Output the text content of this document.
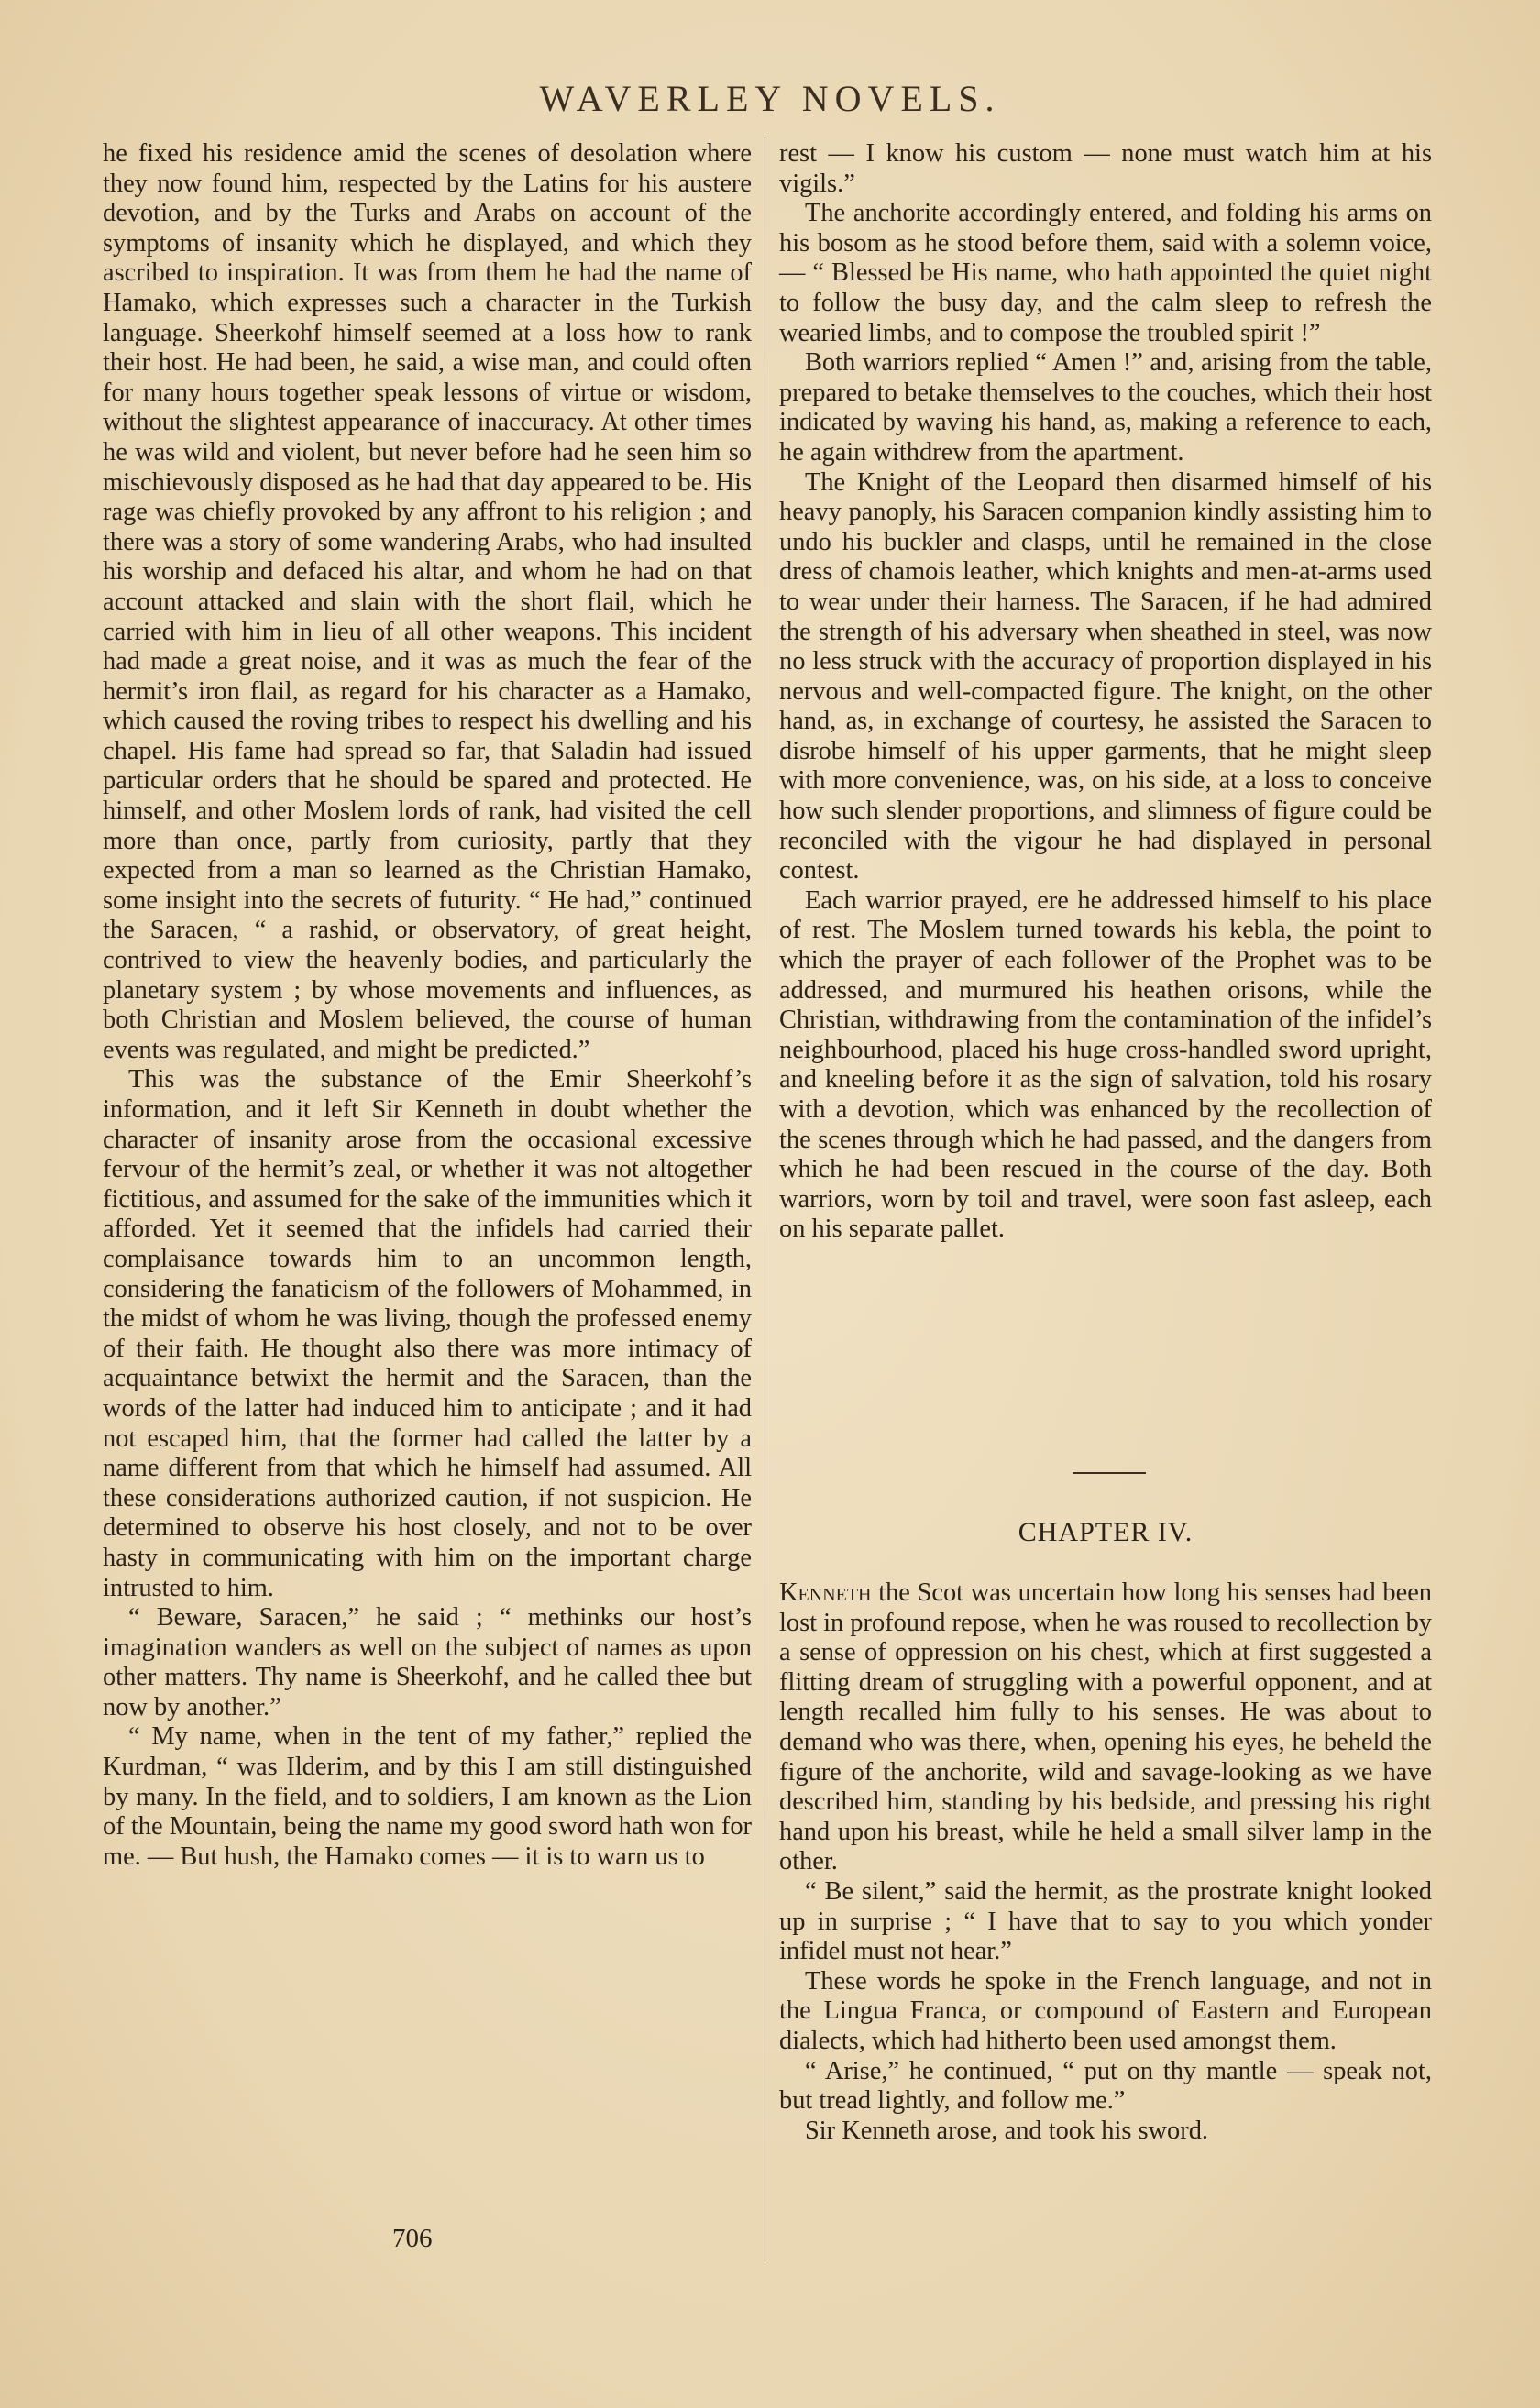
WAVERLEY NOVELS.

he fixed his residence amid the scenes of desolation where they now found him, respected by the Latins for his austere devotion, and by the Turks and Arabs on account of the symptoms of insanity which he displayed, and which they ascribed to inspiration. It was from them he had the name of Hamako, which expresses such a character in the Turkish language. Sheerkohf himself seemed at a loss how to rank their host. He had been, he said, a wise man, and could often for many hours together speak lessons of virtue or wisdom, without the slightest appearance of inaccuracy. At other times he was wild and violent, but never before had he seen him so mischievously disposed as he had that day appeared to be. His rage was chiefly provoked by any affront to his religion ; and there was a story of some wandering Arabs, who had insulted his worship and defaced his altar, and whom he had on that account attacked and slain with the short flail, which he carried with him in lieu of all other weapons. This incident had made a great noise, and it was as much the fear of the hermit’s iron flail, as regard for his character as a Hamako, which caused the roving tribes to respect his dwelling and his chapel. His fame had spread so far, that Saladin had issued particular orders that he should be spared and protected. He himself, and other Moslem lords of rank, had visited the cell more than once, partly from curiosity, partly that they expected from a man so learned as the Christian Hamako, some insight into the secrets of futurity. “ He had,” continued the Saracen, “ a rashid, or observatory, of great height, contrived to view the heavenly bodies, and particularly the planetary system ; by whose movements and influences, as both Christian and Moslem believed, the course of human events was regulated, and might be predicted.”

This was the substance of the Emir Sheerkohf’s information, and it left Sir Kenneth in doubt whether the character of insanity arose from the occasional excessive fervour of the hermit’s zeal, or whether it was not altogether fictitious, and assumed for the sake of the immunities which it afforded. Yet it seemed that the infidels had carried their complaisance towards him to an uncommon length, considering the fanaticism of the followers of Mohammed, in the midst of whom he was living, though the professed enemy of their faith. He thought also there was more intimacy of acquaintance betwixt the hermit and the Saracen, than the words of the latter had induced him to anticipate ; and it had not escaped him, that the former had called the latter by a name different from that which he himself had assumed. All these considerations authorized caution, if not suspicion. He determined to observe his host closely, and not to be over hasty in communicating with him on the important charge intrusted to him.

“ Beware, Saracen,” he said ; “ methinks our host’s imagination wanders as well on the subject of names as upon other matters. Thy name is Sheerkohf, and he called thee but now by another.”

“ My name, when in the tent of my father,” replied the Kurdman, “ was Ilderim, and by this I am still distinguished by many. In the field, and to soldiers, I am known as the Lion of the Mountain, being the name my good sword hath won for me. — But hush, the Hamako comes — it is to warn us to

rest — I know his custom — none must watch him at his vigils.”

The anchorite accordingly entered, and folding his arms on his bosom as he stood before them, said with a solemn voice, — “ Blessed be His name, who hath appointed the quiet night to follow the busy day, and the calm sleep to refresh the wearied limbs, and to compose the troubled spirit !”

Both warriors replied “ Amen !” and, arising from the table, prepared to betake themselves to the couches, which their host indicated by waving his hand, as, making a reference to each, he again withdrew from the apartment.

The Knight of the Leopard then disarmed himself of his heavy panoply, his Saracen companion kindly assisting him to undo his buckler and clasps, until he remained in the close dress of chamois leather, which knights and men-at-arms used to wear under their harness. The Saracen, if he had admired the strength of his adversary when sheathed in steel, was now no less struck with the accuracy of proportion displayed in his nervous and well-compacted figure. The knight, on the other hand, as, in exchange of courtesy, he assisted the Saracen to disrobe himself of his upper garments, that he might sleep with more convenience, was, on his side, at a loss to conceive how such slender proportions, and slimness of figure could be reconciled with the vigour he had displayed in personal contest.

Each warrior prayed, ere he addressed himself to his place of rest. The Moslem turned towards his kebla, the point to which the prayer of each follower of the Prophet was to be addressed, and murmured his heathen orisons, while the Christian, withdrawing from the contamination of the infidel’s neighbourhood, placed his huge cross-handled sword upright, and kneeling before it as the sign of salvation, told his rosary with a devotion, which was enhanced by the recollection of the scenes through which he had passed, and the dangers from which he had been rescued in the course of the day. Both warriors, worn by toil and travel, were soon fast asleep, each on his separate pallet.

CHAPTER IV.

Kenneth the Scot was uncertain how long his senses had been lost in profound repose, when he was roused to recollection by a sense of oppression on his chest, which at first suggested a flitting dream of struggling with a powerful opponent, and at length recalled him fully to his senses. He was about to demand who was there, when, opening his eyes, he beheld the figure of the anchorite, wild and savage-looking as we have described him, standing by his bedside, and pressing his right hand upon his breast, while he held a small silver lamp in the other.

“ Be silent,” said the hermit, as the prostrate knight looked up in surprise ; “ I have that to say to you which yonder infidel must not hear.”

These words he spoke in the French language, and not in the Lingua Franca, or compound of Eastern and European dialects, which had hitherto been used amongst them.

“ Arise,” he continued, “ put on thy mantle — speak not, but tread lightly, and follow me.”

Sir Kenneth arose, and took his sword.

706
